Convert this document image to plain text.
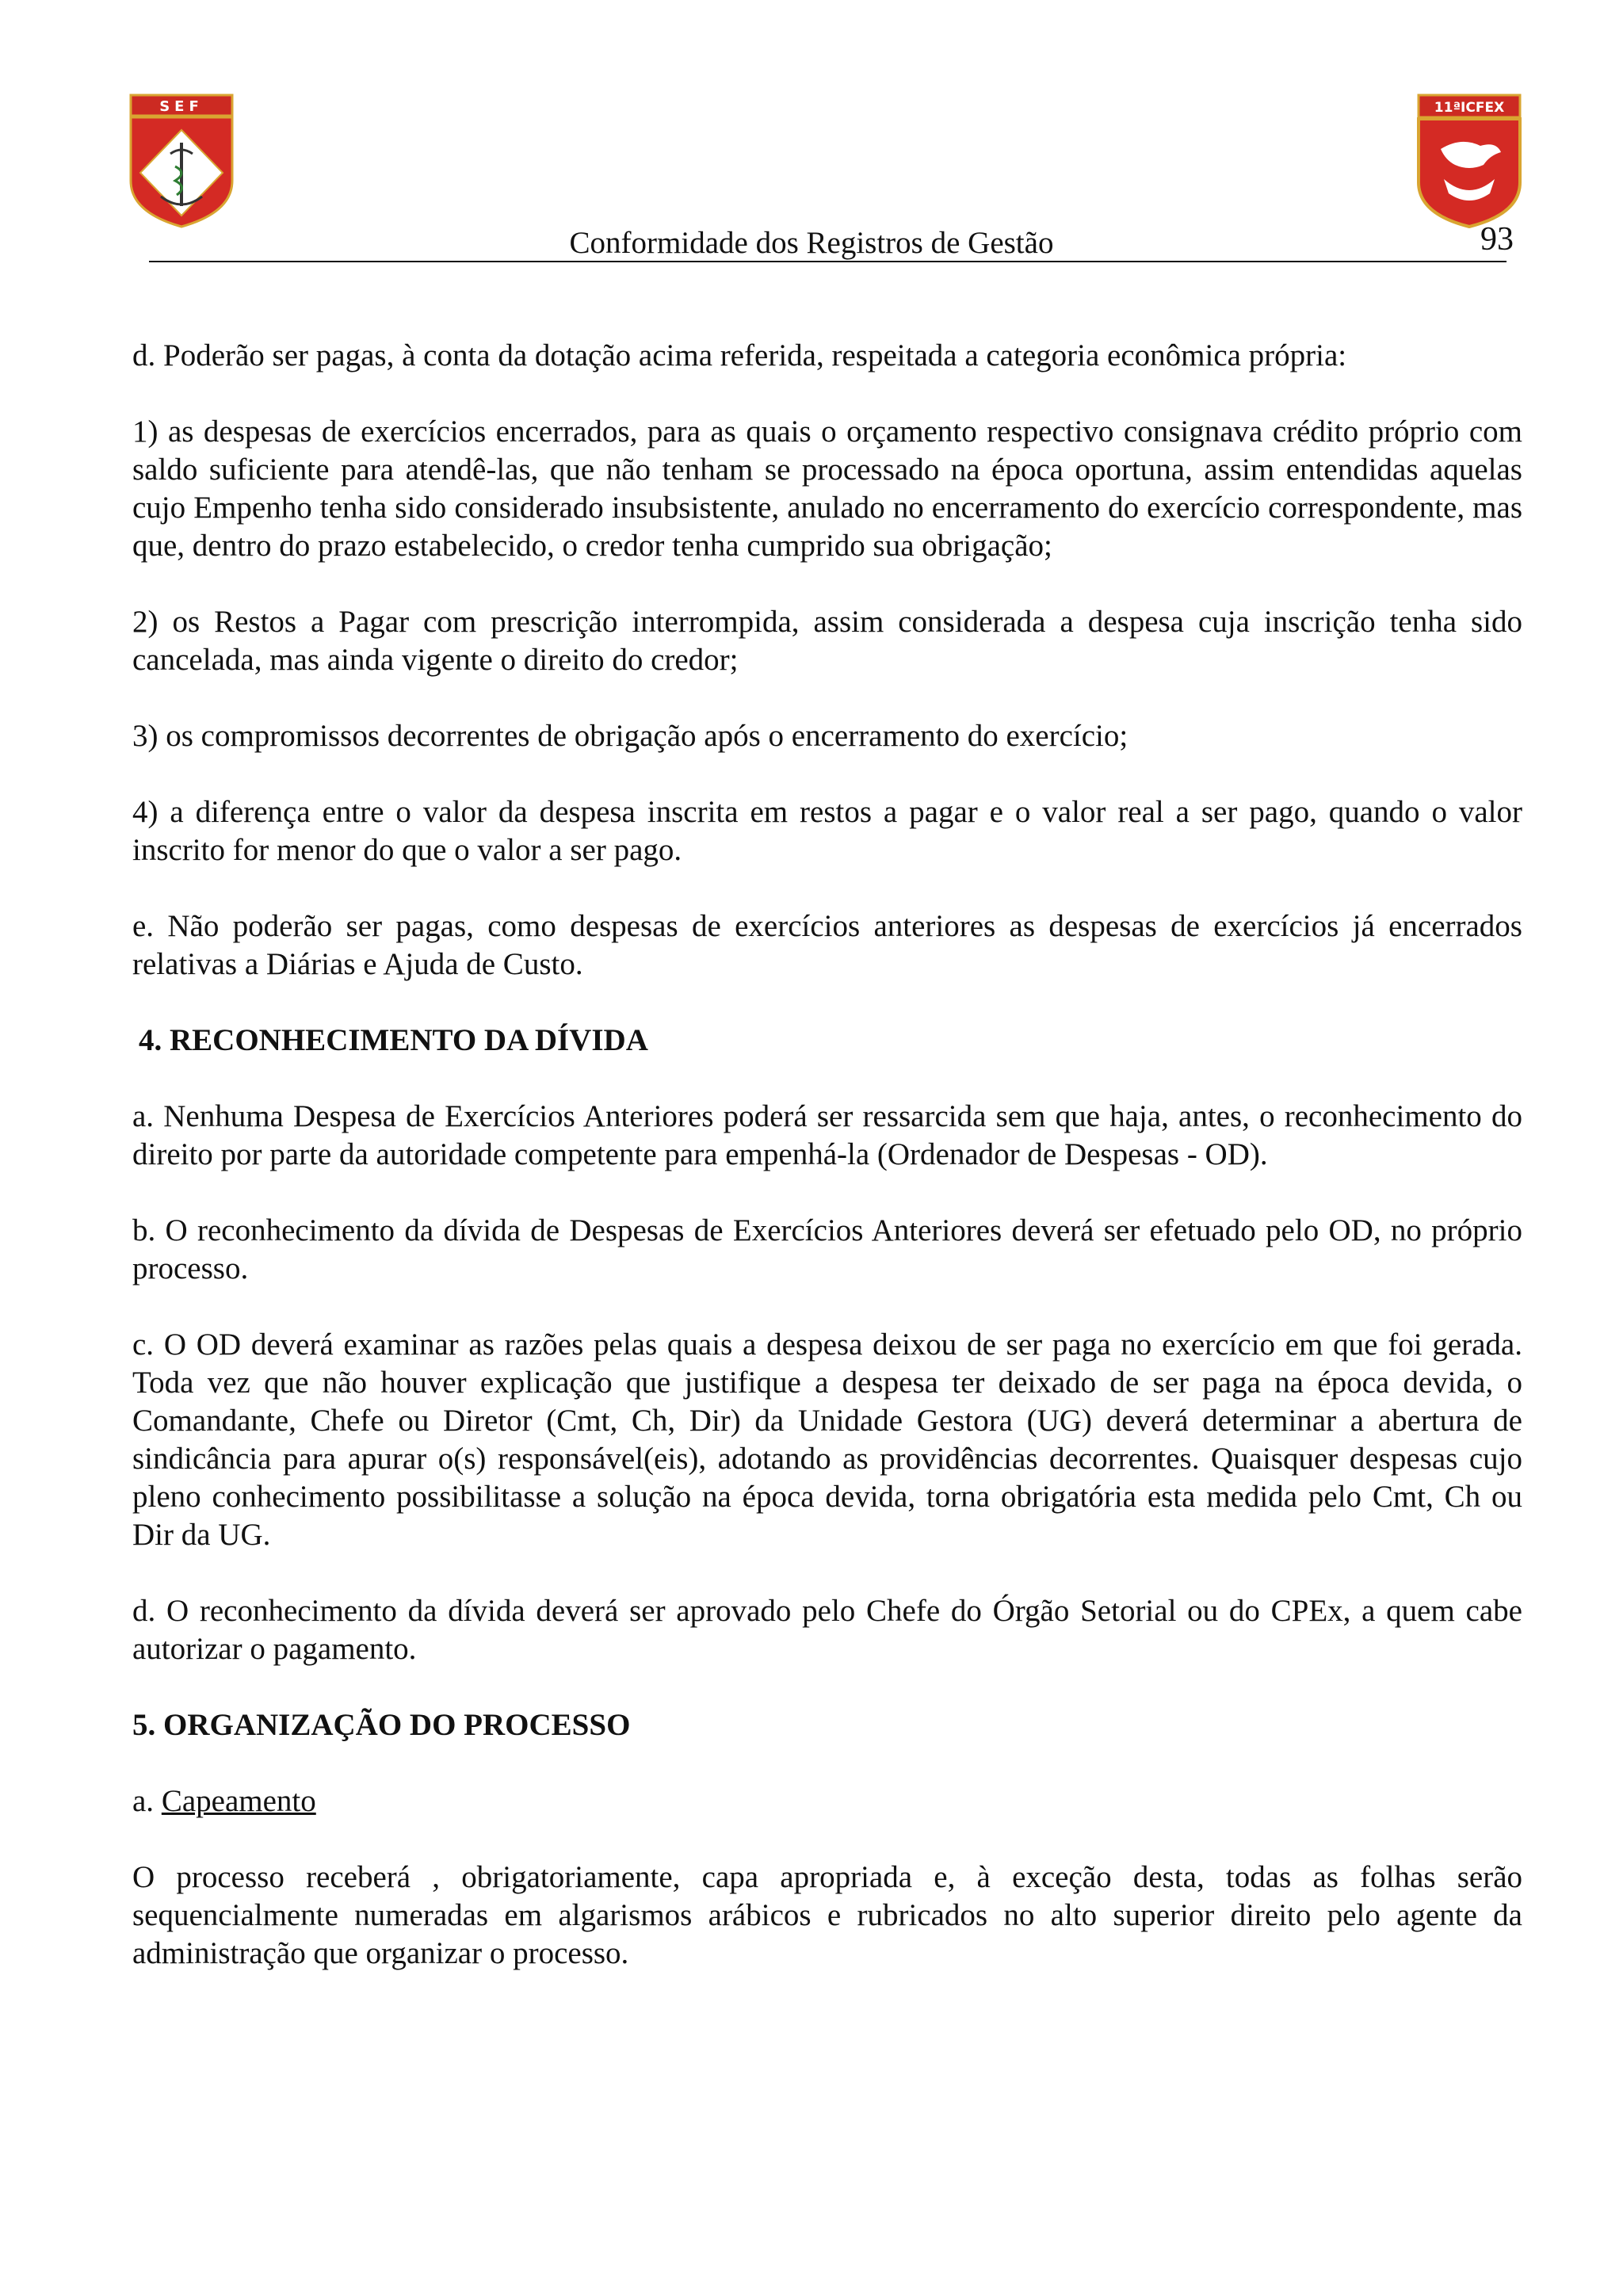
SEF	11ªICFEX
Conformidade dos Registros de Gestão	93

d. Poderão ser pagas, à conta da dotação acima referida, respeitada a categoria econômica própria:

1) as despesas de exercícios encerrados, para as quais o orçamento respectivo consignava crédito próprio com saldo suficiente para atendê-las, que não tenham se processado na época oportuna, assim entendidas aquelas cujo Empenho tenha sido considerado insubsistente, anulado no encerramento do exercício correspondente, mas que, dentro do prazo estabelecido, o credor tenha cumprido sua obrigação;

2) os Restos a Pagar com prescrição interrompida, assim considerada a despesa cuja inscrição tenha sido cancelada, mas ainda vigente o direito do credor;

3) os compromissos decorrentes de obrigação após o encerramento do exercício;

4) a diferença entre o valor da despesa inscrita em restos a pagar e o valor real a ser pago, quando o valor inscrito for menor do que o valor a ser pago.

e. Não poderão ser pagas, como despesas de exercícios anteriores as despesas de exercícios já encerrados relativas a Diárias e Ajuda de Custo.

4. RECONHECIMENTO DA DÍVIDA

a. Nenhuma Despesa de Exercícios Anteriores poderá ser ressarcida sem que haja, antes, o reconhecimento do direito por parte da autoridade competente para empenhá-la (Ordenador de Despesas - OD).

b. O reconhecimento da dívida de Despesas de Exercícios Anteriores deverá ser efetuado pelo OD, no próprio processo.

c. O OD deverá examinar as razões pelas quais a despesa deixou de ser paga no exercício em que foi gerada. Toda vez que não houver explicação que justifique a despesa ter deixado de ser paga na época devida, o Comandante, Chefe ou Diretor (Cmt, Ch, Dir) da Unidade Gestora (UG) deverá determinar a abertura de sindicância para apurar o(s) responsável(eis), adotando as providências decorrentes. Quaisquer despesas cujo pleno conhecimento possibilitasse a solução na época devida, torna obrigatória esta medida pelo Cmt, Ch ou Dir da UG.

d. O reconhecimento da dívida deverá ser aprovado pelo Chefe do Órgão Setorial ou do CPEx, a quem cabe autorizar o pagamento.

5. ORGANIZAÇÃO DO PROCESSO

a. Capeamento

O processo receberá , obrigatoriamente, capa apropriada e, à exceção desta, todas as folhas serão sequencialmente numeradas em algarismos arábicos e rubricados no alto superior direito pelo agente da administração que organizar o processo.
